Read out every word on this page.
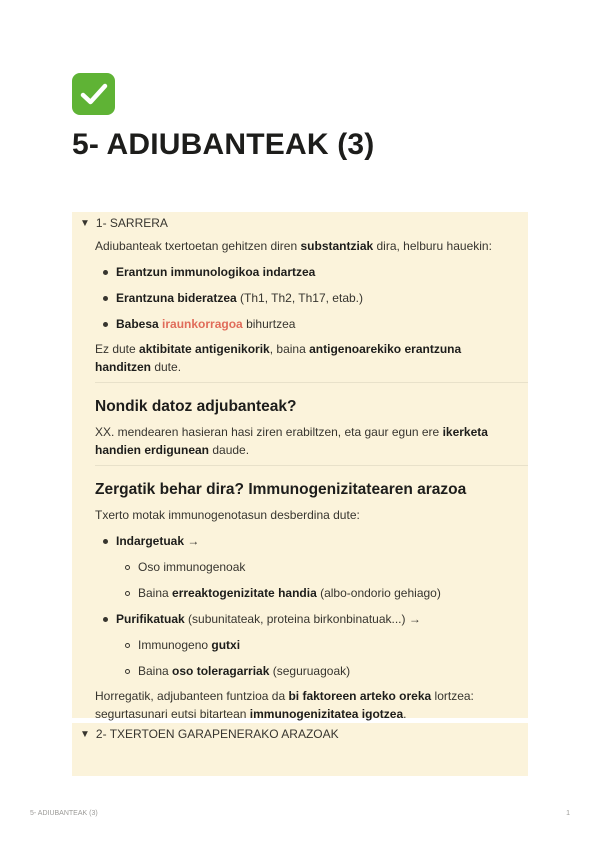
5- ADIUBANTEAK (3)
▼ 1- SARRERA
Adiubanteak txertoetan gehitzen diren substantziak dira, helburu hauekin:
Erantzun immunologikoa indartzea
Erantzuna bideratzea (Th1, Th2, Th17, etab.)
Babesa iraunkorragoa bihurtzea
Ez dute aktibitate antigenikorik, baina antigenoarekiko erantzuna
handitzen dute.
Nondik datoz adjubanteak?
XX. mendearen hasieran hasi ziren erabiltzen, eta gaur egun ere ikerketa
handien erdigunean daude.
Zergatik behar dira? Immunogenizitatearen arazoa
Txerto motak immunogenotasun desberdina dute:
Indargetuak →
Oso immunogenoak
Baina erreaktogenizitate handia (albo-ondorio gehiago)
Purifikatuak (subunitateak, proteina birkonbinatuak...) →
Immunogeno gutxi
Baina oso toleragarriak (seguruagoak)
Horregatik, adjubanteen funtzioa da bi faktoreen arteko oreka lortzea:
segurtasunari eutsi bitartean immunogenizitatea igotzea.
▼ 2- TXERTOEN GARAPENERAKO ARAZOAK
5- ADIUBANTEAK (3)	1
